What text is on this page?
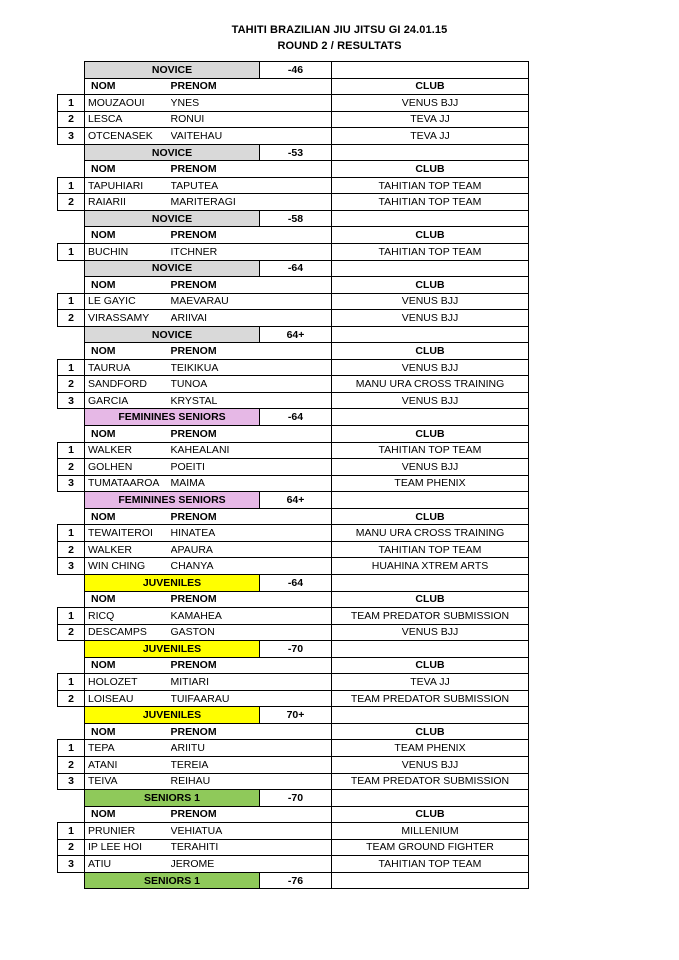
TAHITI BRAZILIAN JIU JITSU GI 24.01.15
ROUND 2 / RESULTATS
	NOVICE		-46	
	NOM	PRENOM		CLUB
1	MOUZAOUI	YNES		VENUS BJJ
2	LESCA	RONUI		TEVA JJ
3	OTCENASEK	VAITEHAU		TEVA JJ
	NOVICE		-53	
	NOM	PRENOM		CLUB
1	TAPUHIARI	TAPUTEA		TAHITIAN TOP TEAM
2	RAIARII	MARITERAGI		TAHITIAN TOP TEAM
	NOVICE		-58	
	NOM	PRENOM		CLUB
1	BUCHIN	ITCHNER		TAHITIAN TOP TEAM
	NOVICE		-64	
	NOM	PRENOM		CLUB
1	LE GAYIC	MAEVARAU		VENUS BJJ
2	VIRASSAMY	ARIIVAI		VENUS BJJ
	NOVICE		64+	
	NOM	PRENOM		CLUB
1	TAURUA	TEIKIKUA		VENUS BJJ
2	SANDFORD	TUNOA		MANU URA CROSS TRAINING
3	GARCIA	KRYSTAL		VENUS BJJ
	FEMININES SENIORS		-64	
	NOM	PRENOM		CLUB
1	WALKER	KAHEALANI		TAHITIAN TOP TEAM
2	GOLHEN	POEITI		VENUS BJJ
3	TUMATAAROA	MAIMA		TEAM PHENIX
	FEMININES SENIORS		64+	
	NOM	PRENOM		CLUB
1	TEWAITEROI	HINATEA		MANU URA CROSS TRAINING
2	WALKER	APAURA		TAHITIAN TOP TEAM
3	WIN CHING	CHANYA		HUAHINA XTREM ARTS
	JUVENILES		-64	
	NOM	PRENOM		CLUB
1	RICQ	KAMAHEA		TEAM PREDATOR SUBMISSION
2	DESCAMPS	GASTON		VENUS BJJ
	JUVENILES		-70	
	NOM	PRENOM		CLUB
1	HOLOZET	MITIARI		TEVA JJ
2	LOISEAU	TUIFAARAU		TEAM PREDATOR SUBMISSION
	JUVENILES		70+	
	NOM	PRENOM		CLUB
1	TEPA	ARIITU		TEAM PHENIX
2	ATANI	TEREIA		VENUS BJJ
3	TEIVA	REIHAU		TEAM PREDATOR SUBMISSION
	SENIORS 1		-70	
	NOM	PRENOM		CLUB
1	PRUNIER	VEHIATUA		MILLENIUM
2	IP LEE HOI	TERAHITI		TEAM GROUND FIGHTER
3	ATIU	JEROME		TAHITIAN TOP TEAM
	SENIORS 1		-76	
